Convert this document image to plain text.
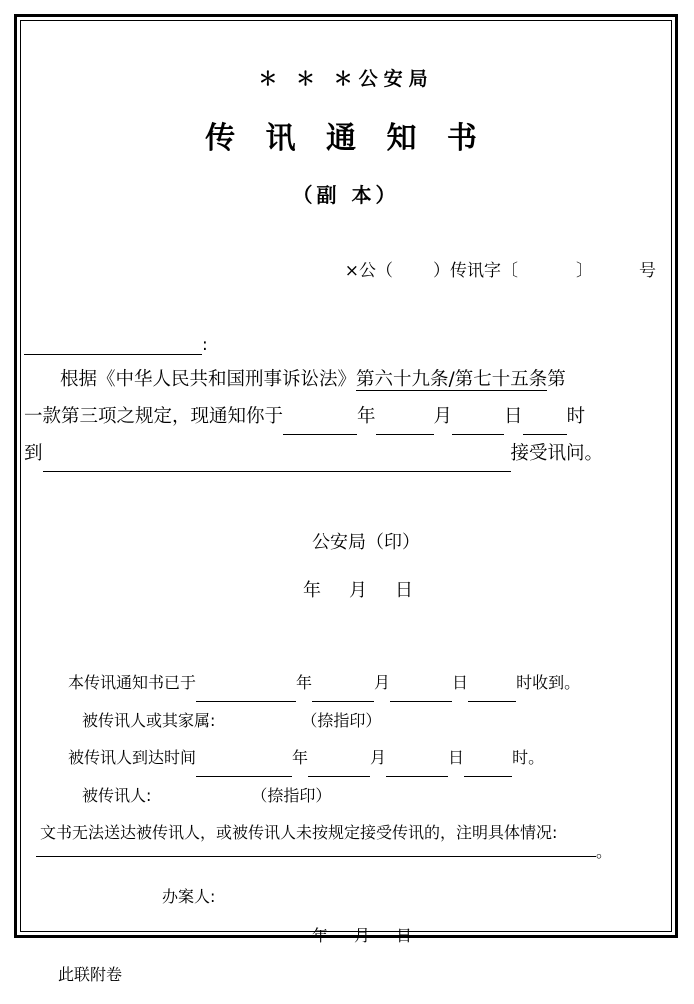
＊ ＊ ＊公安局
传 讯 通 知 书
（副 本）
×公（ ）传讯字〔	〕	号
:
根据《中华人民共和国刑事诉讼法》第六十九条/第七十五条第
一款第三项之规定，现通知你于	年	月	日 时
到	接受讯问。
公安局（印）
年 月 日
本传讯通知书已于	年	月	日	时收到。
被传讯人或其家属:	（捺指印）
被传讯人到达时间	年	月	日	时。
被传讯人:	（捺指印）
文书无法送达被传讯人，或被传讯人未按规定接受传讯的，注明具体情况:
。
办案人:
年 月 日
此联附卷
